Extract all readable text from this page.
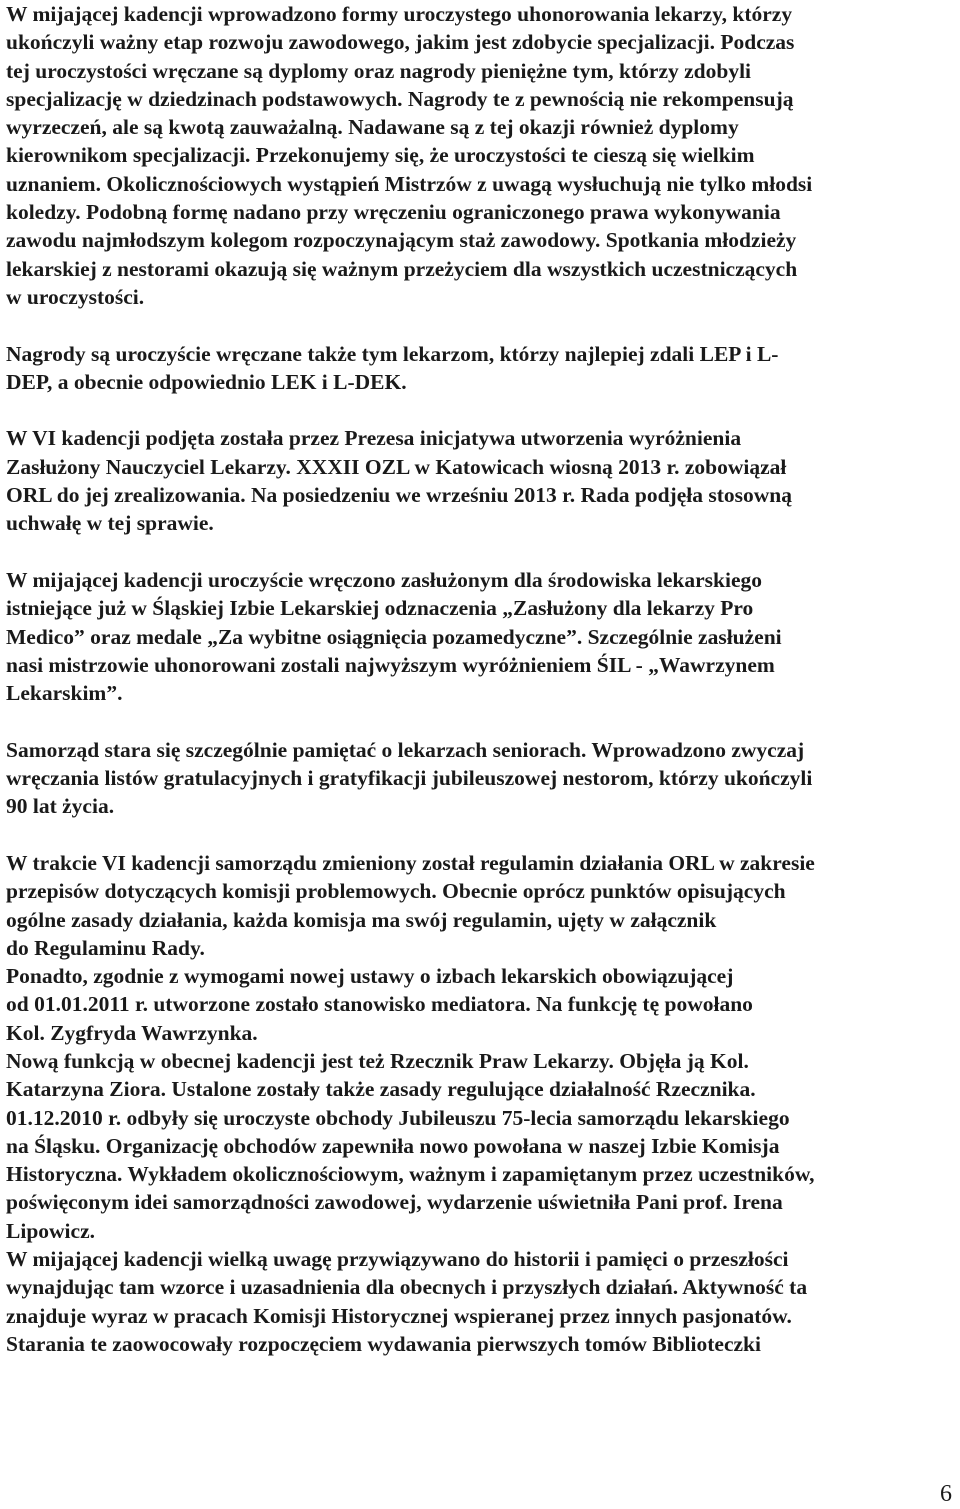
W mijającej kadencji wprowadzono formy uroczystego uhonorowania lekarzy, którzy
ukończyli ważny etap rozwoju zawodowego, jakim jest zdobycie specjalizacji. Podczas
tej uroczystości wręczane są dyplomy oraz nagrody pieniężne tym, którzy zdobyli
specjalizację w dziedzinach podstawowych. Nagrody te z pewnością nie rekompensują
wyrzeczeń, ale są kwotą zauważalną. Nadawane są z tej okazji również dyplomy
kierownikom specjalizacji. Przekonujemy się, że uroczystości te cieszą się wielkim
uznaniem. Okolicznościowych wystąpień Mistrzów z uwagą wysłuchują nie tylko młodsi
koledzy. Podobną formę nadano przy wręczeniu ograniczonego prawa wykonywania
zawodu najmłodszym kolegom rozpoczynającym staż zawodowy. Spotkania młodzieży
lekarskiej z nestorami okazują się ważnym przeżyciem dla wszystkich uczestniczących
w uroczystości.

Nagrody są uroczyście wręczane także tym lekarzom, którzy najlepiej zdali LEP i L-
DEP, a obecnie odpowiednio LEK i L-DEK.

W VI kadencji podjęta została przez Prezesa inicjatywa utworzenia wyróżnienia
Zasłużony Nauczyciel Lekarzy. XXXII OZL w Katowicach wiosną 2013 r. zobowiązał
ORL do jej zrealizowania. Na posiedzeniu we wrześniu 2013 r. Rada podjęła stosowną
uchwałę w tej sprawie.

W mijającej kadencji uroczyście wręczono zasłużonym dla środowiska lekarskiego
istniejące już w Śląskiej Izbie Lekarskiej odznaczenia „Zasłużony dla lekarzy Pro
Medico” oraz medale „Za wybitne osiągnięcia pozamedyczne”. Szczególnie zasłużeni
nasi mistrzowie uhonorowani zostali najwyższym wyróżnieniem ŚIL - „Wawrzynem
Lekarskim”.

Samorząd stara się szczególnie pamiętać o lekarzach seniorach. Wprowadzono zwyczaj
wręczania listów gratulacyjnych i gratyfikacji jubileuszowej nestorom, którzy ukończyli
90 lat życia.

W trakcie VI kadencji samorządu zmieniony został regulamin działania ORL w zakresie
przepisów dotyczących komisji problemowych. Obecnie oprócz punktów opisujących
ogólne zasady działania, każda komisja ma swój regulamin, ujęty w załącznik
do Regulaminu Rady.

Ponadto, zgodnie z wymogami nowej ustawy o izbach lekarskich obowiązującej
od 01.01.2011 r. utworzone zostało stanowisko mediatora. Na funkcję tę powołano
Kol. Zygfryda Wawrzynka.

Nową funkcją w obecnej kadencji jest też Rzecznik Praw Lekarzy. Objęła ją Kol.
Katarzyna Ziora. Ustalone zostały także zasady regulujące działalność Rzecznika.

01.12.2010 r. odbyły się uroczyste obchody Jubileuszu 75-lecia samorządu lekarskiego
na Śląsku. Organizację obchodów zapewniła nowo powołana w naszej Izbie Komisja
Historyczna. Wykładem okolicznościowym, ważnym i zapamiętanym przez uczestników,
poświęconym idei samorządności zawodowej, wydarzenie uświetniła Pani prof. Irena
Lipowicz.

W mijającej kadencji wielką uwagę przywiązywano do historii i pamięci o przeszłości
wynajdując tam wzorce i uzasadnienia dla obecnych i przyszłych działań. Aktywność ta
znajduje wyraz w pracach Komisji Historycznej wspieranej przez innych pasjonatów.
Starania te zaowocowały rozpoczęciem wydawania pierwszych tomów Biblioteczki

6
